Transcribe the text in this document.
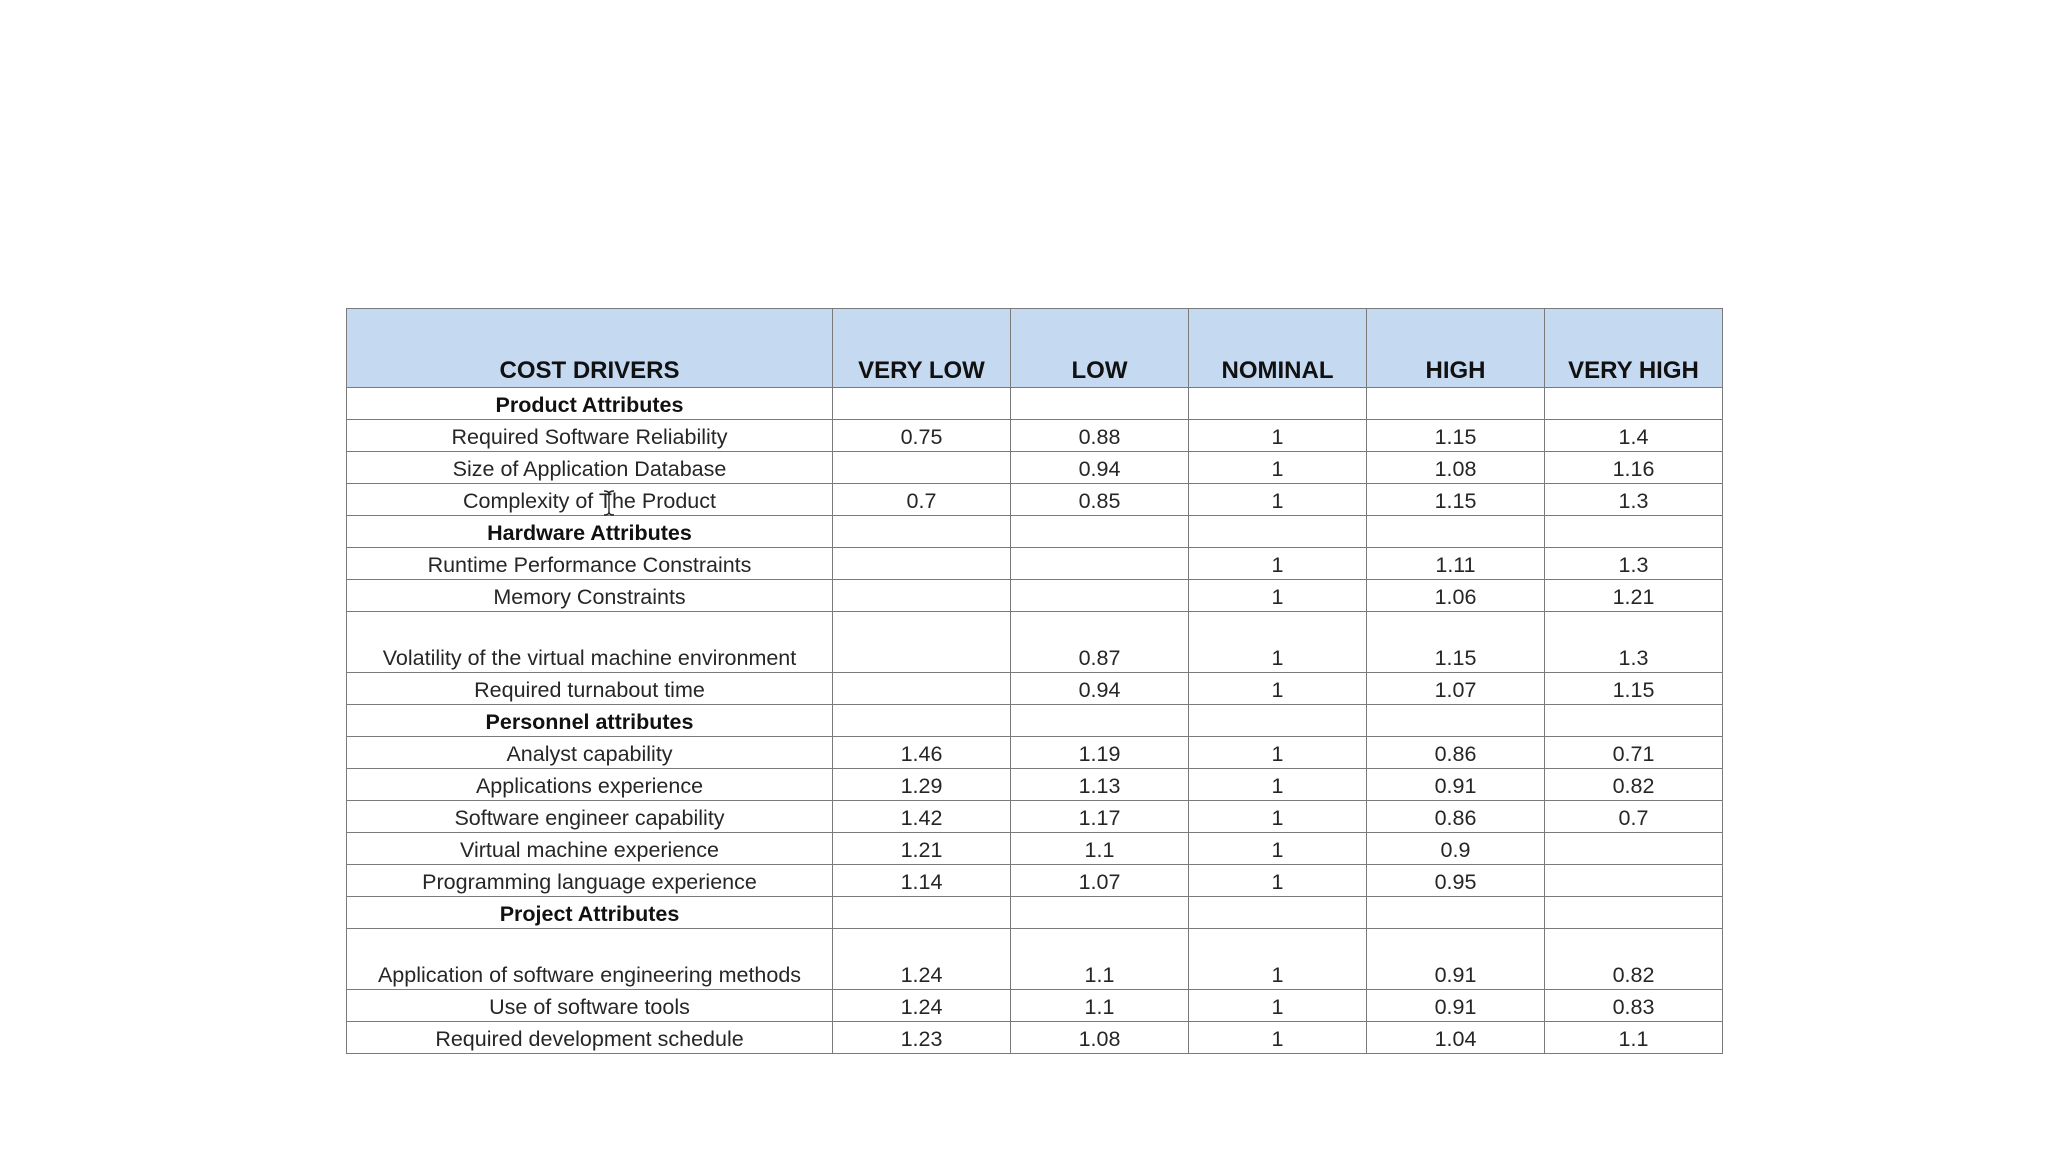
COST DRIVERS	VERY LOW	LOW	NOMINAL	HIGH	VERY HIGH
Product Attributes					
Required Software Reliability	0.75	0.88	1	1.15	1.4
Size of Application Database		0.94	1	1.08	1.16
Complexity of The Product	0.7	0.85	1	1.15	1.3
Hardware Attributes					
Runtime Performance Constraints			1	1.11	1.3
Memory Constraints			1	1.06	1.21
Volatility of the virtual machine environment		0.87	1	1.15	1.3
Required turnabout time		0.94	1	1.07	1.15
Personnel attributes					
Analyst capability	1.46	1.19	1	0.86	0.71
Applications experience	1.29	1.13	1	0.91	0.82
Software engineer capability	1.42	1.17	1	0.86	0.7
Virtual machine experience	1.21	1.1	1	0.9	
Programming language experience	1.14	1.07	1	0.95	
Project Attributes					
Application of software engineering methods	1.24	1.1	1	0.91	0.82
Use of software tools	1.24	1.1	1	0.91	0.83
Required development schedule	1.23	1.08	1	1.04	1.1
